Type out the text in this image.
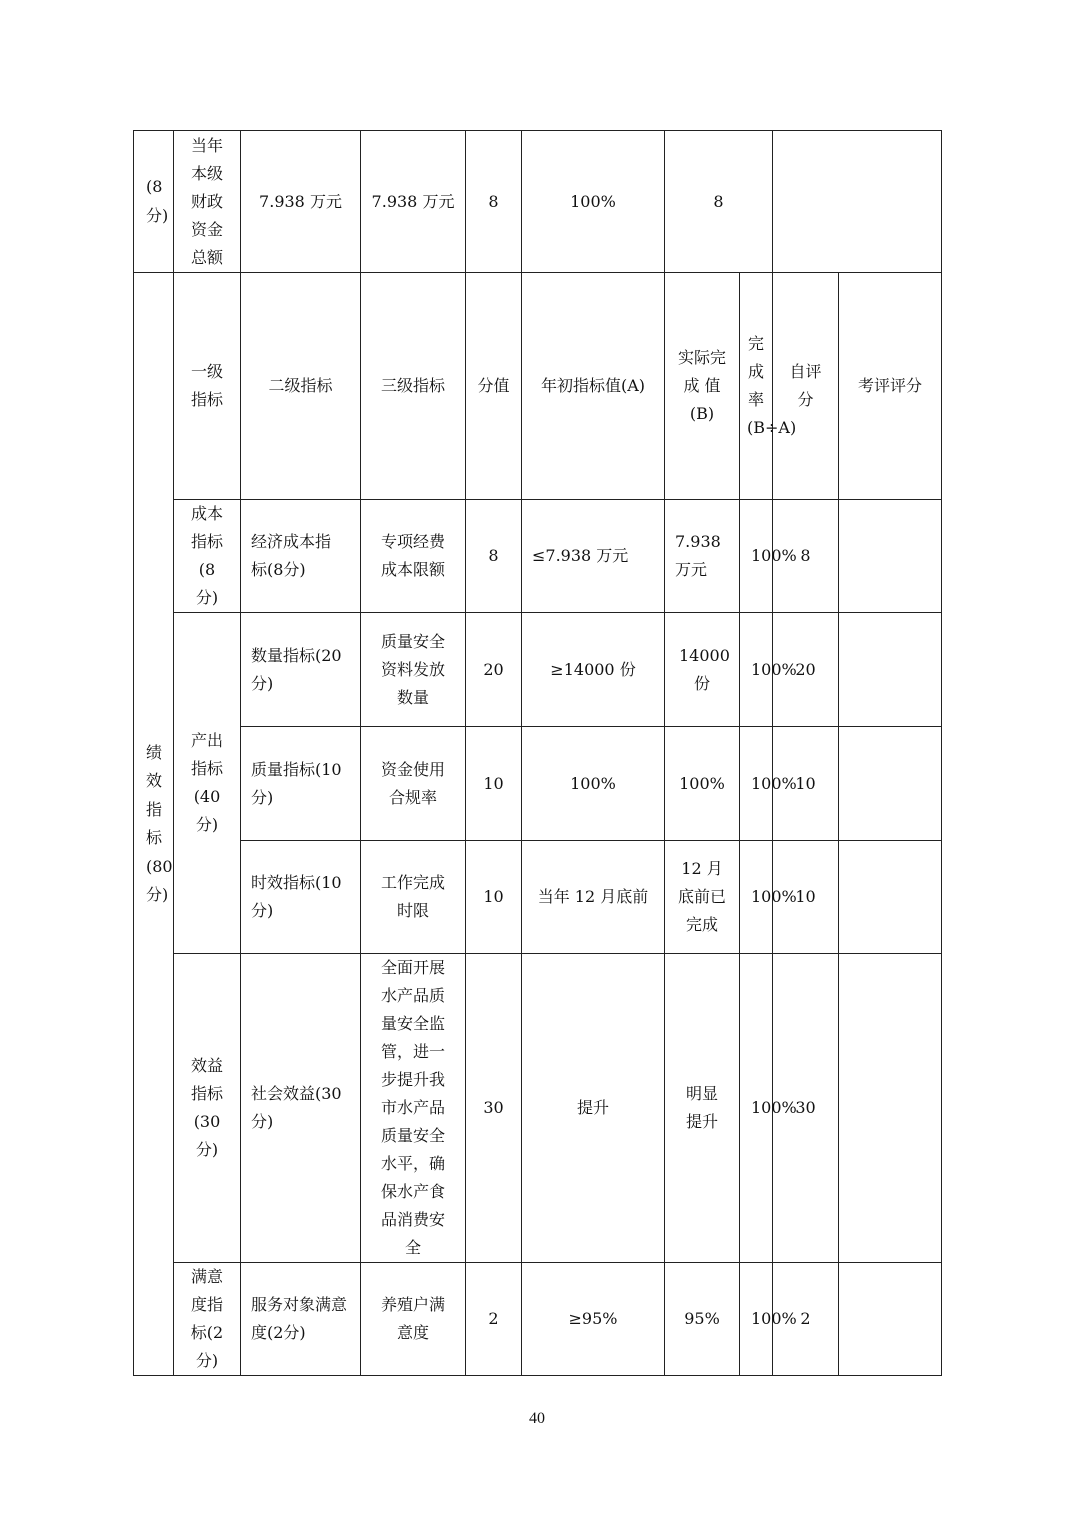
(8分)	当年本级财政资金总额	7.938 万元	7.938 万元	8	100%	8			
绩效指标(80分)	一级指标	二级指标	三级指标	分值	年初指标值(A)	实际完成 值(B)	完成率(B÷A)	自评分	考评评分
	成本指标(8分)	经济成本指标(8分)	专项经费成本限额	8	≤7.938 万元	7.938 万元	100%	8	
	产出指标(40分)	数量指标(20分)	质量安全资料发放数量	20	≥14000 份	14000 份	100%	20	
		质量指标(10分)	资金使用合规率	10	100%	100%	100%	10	
		时效指标(10分)	工作完成时限	10	当年 12 月底前	12 月底前已完成	100%	10	
	效益指标(30分)	社会效益(30分)	全面开展水产品质量安全监管，进一步提升我市水产品质量安全水平，确保水产食品消费安全	30	提升	明显提升	100%	30	
	满意度指标(2分)	服务对象满意度(2分)	养殖户满意度	2	≥95%	95%	100%	2	
40
